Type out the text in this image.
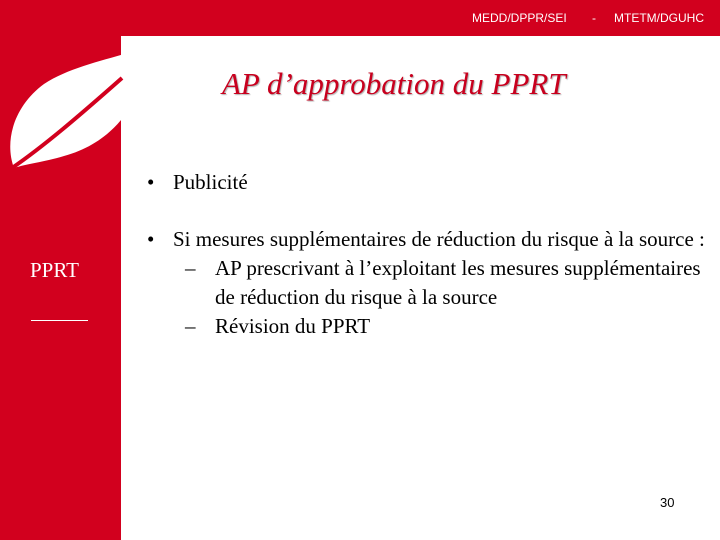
MEDD/DPPR/SEI - MTETM/DGUHC
PPRT
AP d’approbation du PPRT
• Publicité
• Si mesures supplémentaires de réduction du risque à la source :
– AP prescrivant à l’exploitant les mesures supplémentaires de réduction du risque à la source
– Révision du PPRT
30
